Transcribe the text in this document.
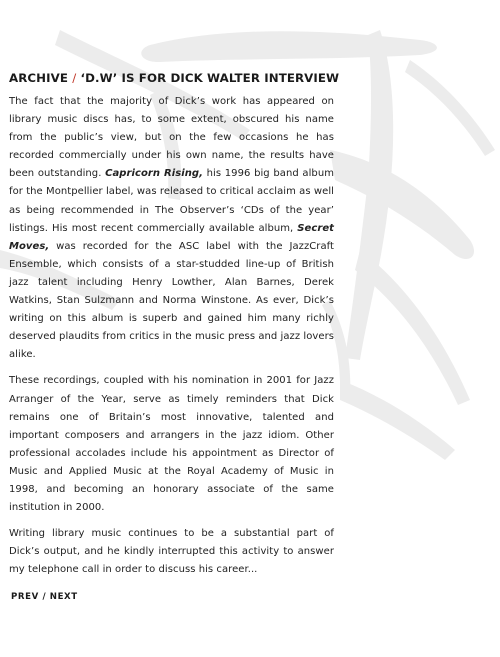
ARCHIVE / ‘D.W’ IS FOR DICK WALTER INTERVIEW

The fact that the majority of Dick’s work has appeared on library music discs has, to some extent, obscured his name from the public’s view, but on the few occasions he has recorded commercially under his own name, the results have been outstanding. Capricorn Rising, his 1996 big band album for the Montpellier label, was released to critical acclaim as well as being recommended in The Observer’s ‘CDs of the year’ listings. His most recent commercially available album, Secret Moves, was recorded for the ASC label with the JazzCraft Ensemble, which consists of a star-studded line-up of British jazz talent including Henry Lowther, Alan Barnes, Derek Watkins, Stan Sulzmann and Norma Winstone. As ever, Dick’s writing on this album is superb and gained him many richly deserved plaudits from critics in the music press and jazz lovers alike.

These recordings, coupled with his nomination in 2001 for Jazz Arranger of the Year, serve as timely reminders that Dick remains one of Britain’s most innovative, talented and important composers and arrangers in the jazz idiom. Other professional accolades include his appointment as Director of Music and Applied Music at the Royal Academy of Music in 1998, and becoming an honorary associate of the same institution in 2000.

Writing library music continues to be a substantial part of Dick’s output, and he kindly interrupted this activity to answer my telephone call in order to discuss his career...

PREV / NEXT
